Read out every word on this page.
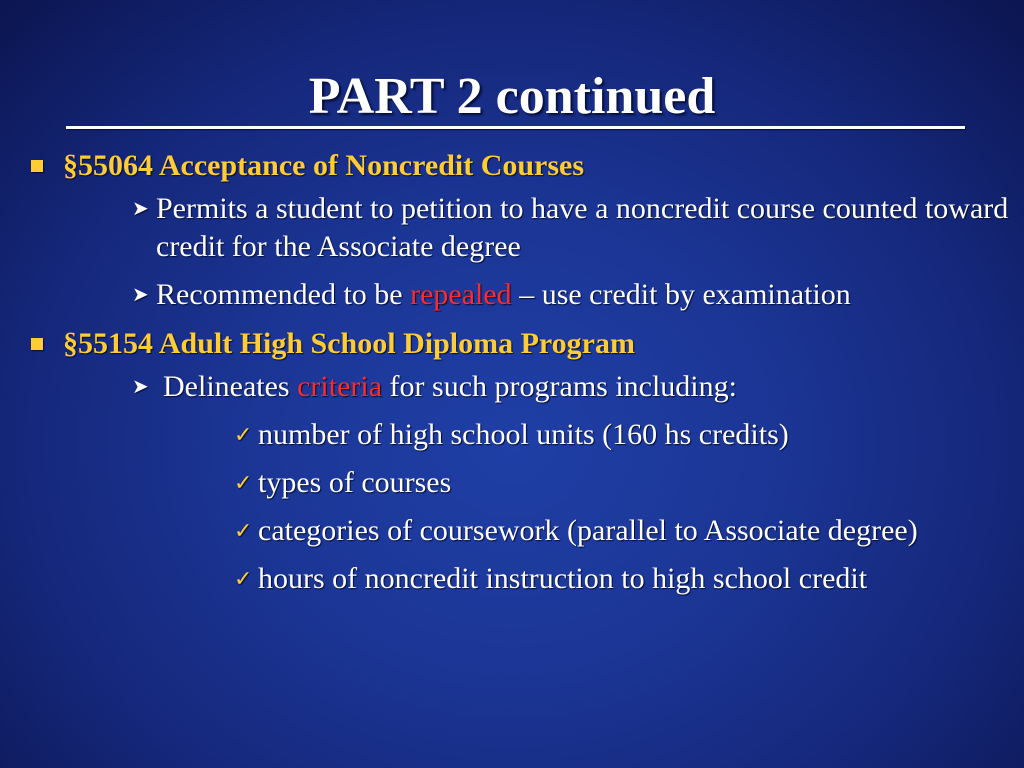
PART 2 continued
§55064 Acceptance of Noncredit Courses
➤ Permits a student to petition to have a noncredit course counted toward credit for the Associate degree
➤ Recommended to be repealed – use credit by examination
§55154 Adult High School Diploma Program
➤ Delineates criteria for such programs including:
✓ number of high school units (160 hs credits)
✓ types of courses
✓ categories of coursework (parallel to Associate degree)
✓ hours of noncredit instruction to high school credit
